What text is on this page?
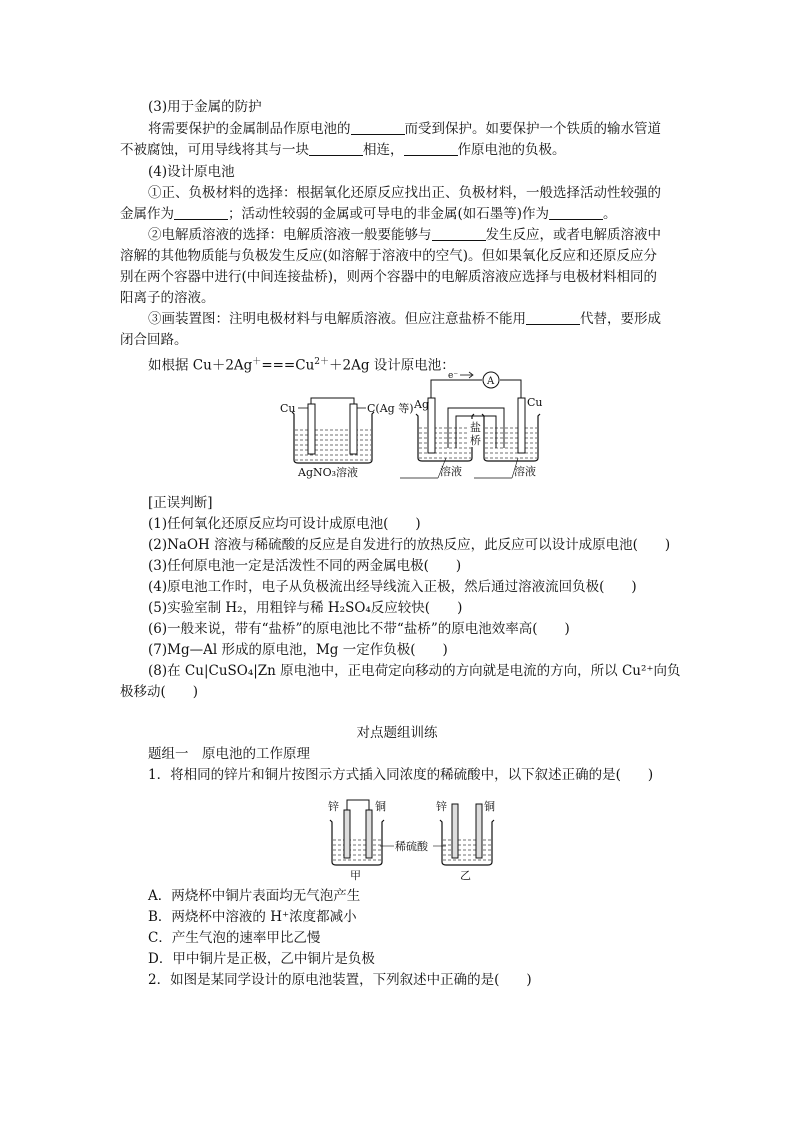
(3)用于金属的防护
将需要保护的金属制品作原电池的	而受到保护。如要保护一个铁质的输水管道
不被腐蚀，可用导线将其与一块	相连，	作原电池的负极。
(4)设计原电池
①正、负极材料的选择：根据氧化还原反应找出正、负极材料，一般选择活动性较强的
金属作为	；活动性较弱的金属或可导电的非金属(如石墨等)作为	。
②电解质溶液的选择：电解质溶液一般要能够与	发生反应，或者电解质溶液中
溶解的其他物质能与负极发生反应(如溶解于溶液中的空气)。但如果氧化反应和还原反应分
别在两个容器中进行(中间连接盐桥)，则两个容器中的电解质溶液应选择与电极材料相同的
阳离子的溶液。
③画装置图：注明电极材料与电解质溶液。但应注意盐桥不能用	代替，要形成
闭合回路。
如根据 $Cu+2Ag^+===Cu^{2+}+2Ag$ 设计原电池：
Cu	C(Ag 等)
AgNO₃溶液
盐
桥
A
e⁻
Ag	Cu
溶液	溶液
[正误判断]
(1)任何氧化还原反应均可设计成原电池(　　)
(2)NaOH 溶液与稀硫酸的反应是自发进行的放热反应，此反应可以设计成原电池(　　)
(3)任何原电池一定是活泼性不同的两金属电极(　　)
(4)原电池工作时，电子从负极流出经导线流入正极，然后通过溶液流回负极(　　)
(5)实验室制 H₂，用粗锌与稀 H₂SO₄反应较快(　　)
(6)一般来说，带有“盐桥”的原电池比不带“盐桥”的原电池效率高(　　)
(7)Mg—Al 形成的原电池，Mg 一定作负极(　　)
(8)在 Cu|CuSO₄|Zn 原电池中，正电荷定向移动的方向就是电流的方向，所以 Cu²⁺向负
极移动(　　)
对点题组训练
题组一　原电池的工作原理
1．将相同的锌片和铜片按图示方式插入同浓度的稀硫酸中，以下叙述正确的是(　　)
锌	铜
甲
稀硫酸
锌	铜
乙
A．两烧杯中铜片表面均无气泡产生
B．两烧杯中溶液的 H⁺浓度都减小
C．产生气泡的速率甲比乙慢
D．甲中铜片是正极，乙中铜片是负极
2．如图是某同学设计的原电池装置，下列叙述中正确的是(　　)
